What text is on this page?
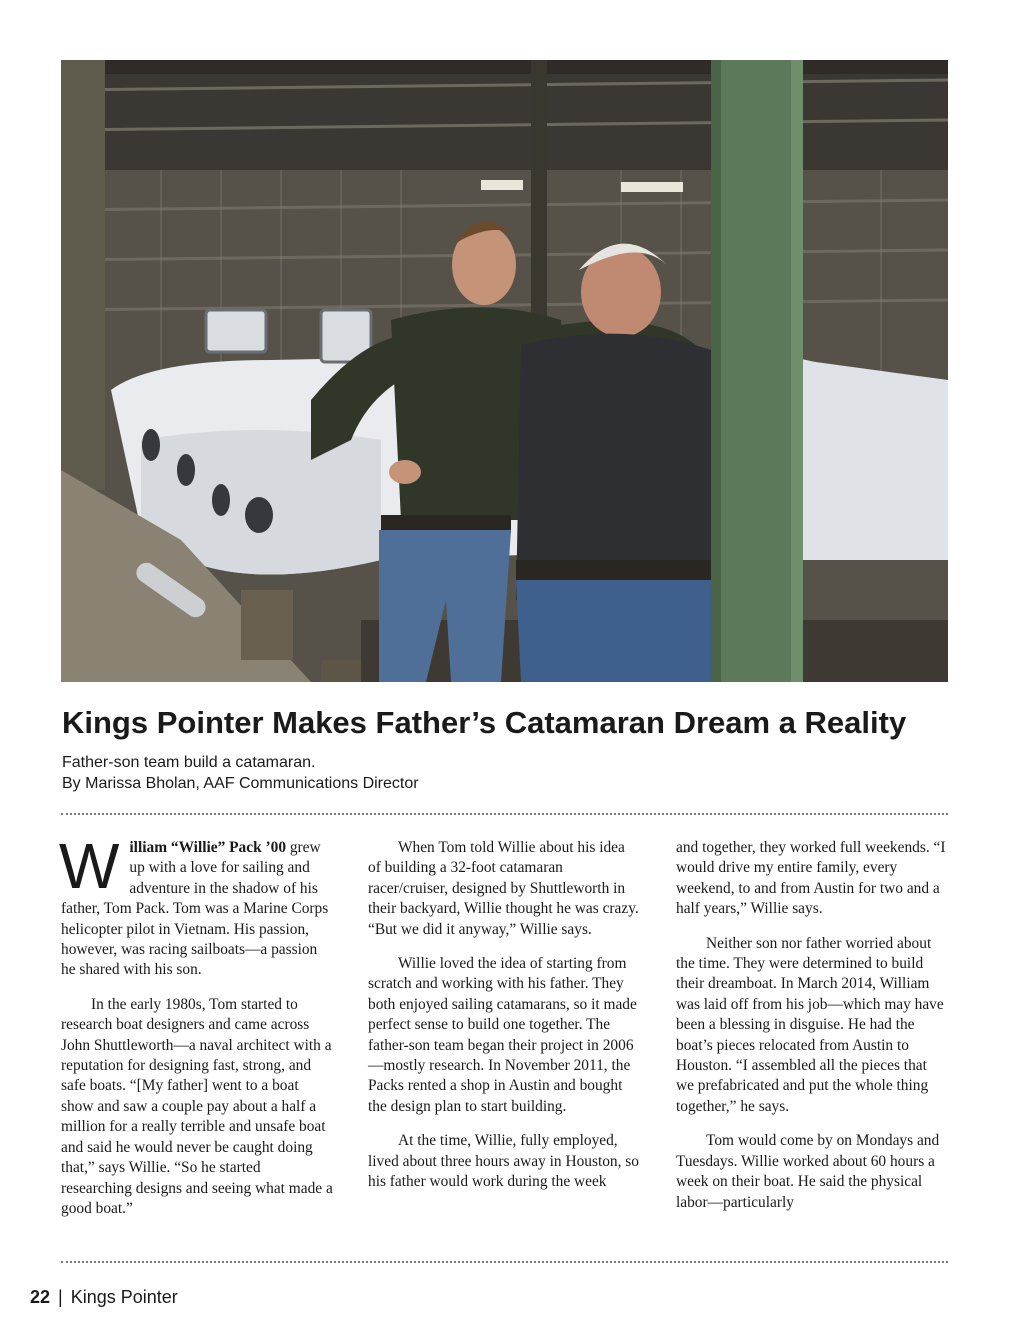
Kings Pointer Makes Father’s Catamaran Dream a Reality
Father-son team build a catamaran.
By Marissa Bholan, AAF Communications Director

William “Willie” Pack ’00 grew up with a love for sailing and adventure in the shadow of his father, Tom Pack. Tom was a Marine Corps helicopter pilot in Vietnam. His passion, however, was racing sailboats—a passion he shared with his son.

In the early 1980s, Tom started to research boat designers and came across John Shuttleworth—a naval architect with a reputation for designing fast, strong, and safe boats. “[My father] went to a boat show and saw a couple pay about a half a million for a really terrible and unsafe boat and said he would never be caught doing that,” says Willie. “So he started researching designs and seeing what made a good boat.”

When Tom told Willie about his idea of building a 32-foot catamaran racer/cruiser, designed by Shuttleworth in their backyard, Willie thought he was crazy. “But we did it anyway,” Willie says.

Willie loved the idea of starting from scratch and working with his father. They both enjoyed sailing catamarans, so it made perfect sense to build one together. The father-son team began their project in 2006—mostly research. In November 2011, the Packs rented a shop in Austin and bought the design plan to start building.

At the time, Willie, fully employed, lived about three hours away in Houston, so his father would work during the week

and together, they worked full weekends. “I would drive my entire family, every weekend, to and from Austin for two and a half years,” Willie says.

Neither son nor father worried about the time. They were determined to build their dreamboat. In March 2014, William was laid off from his job—which may have been a blessing in disguise. He had the boat’s pieces relocated from Austin to Houston. “I assembled all the pieces that we prefabricated and put the whole thing together,” he says.

Tom would come by on Mondays and Tuesdays. Willie worked about 60 hours a week on their boat. He said the physical labor—particularly

22 | Kings Pointer
